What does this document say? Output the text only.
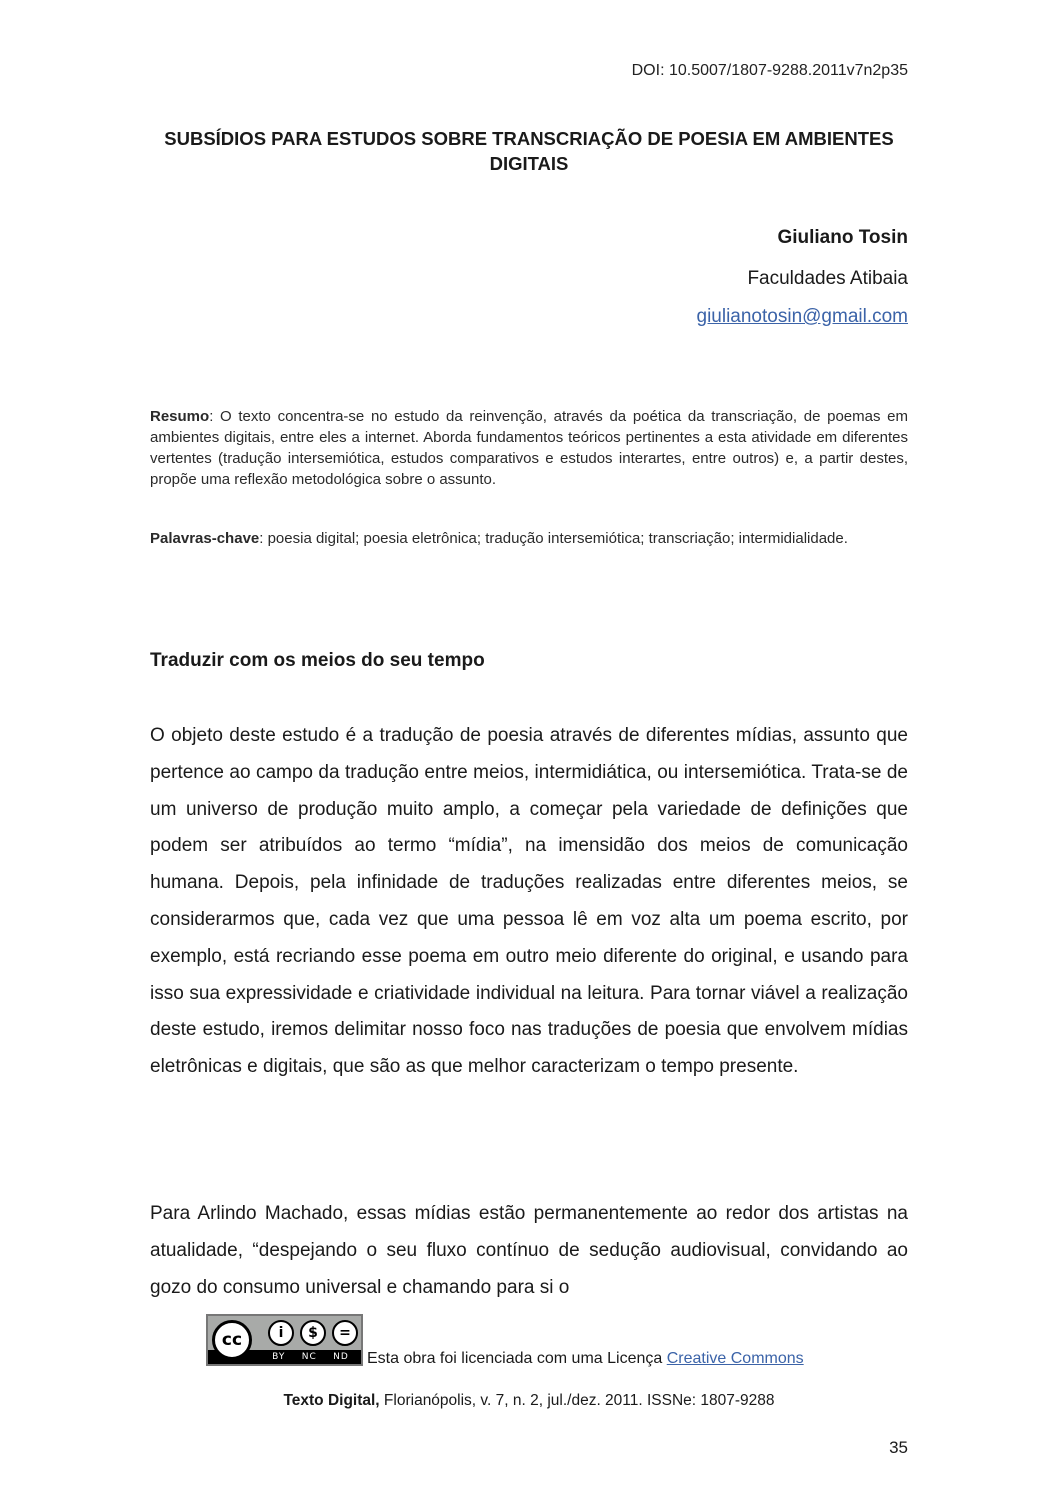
DOI: 10.5007/1807-9288.2011v7n2p35
SUBSÍDIOS PARA ESTUDOS SOBRE TRANSCRIAÇÃO DE POESIA EM AMBIENTES DIGITAIS
Giuliano Tosin
Faculdades Atibaia
giulianotosin@gmail.com
Resumo: O texto concentra-se no estudo da reinvenção, através da poética da transcriação, de poemas em ambientes digitais, entre eles a internet. Aborda fundamentos teóricos pertinentes a esta atividade em diferentes vertentes (tradução intersemiótica, estudos comparativos e estudos interartes, entre outros) e, a partir destes, propõe uma reflexão metodológica sobre o assunto.
Palavras-chave: poesia digital; poesia eletrônica; tradução intersemiótica; transcriação; intermidialidade.
Traduzir com os meios do seu tempo
O objeto deste estudo é a tradução de poesia através de diferentes mídias, assunto que pertence ao campo da tradução entre meios, intermidiática, ou intersemiótica. Trata-se de um universo de produção muito amplo, a começar pela variedade de definições que podem ser atribuídos ao termo “mídia”, na imensidão dos meios de comunicação humana. Depois, pela infinidade de traduções realizadas entre diferentes meios, se considerarmos que, cada vez que uma pessoa lê em voz alta um poema escrito, por exemplo, está recriando esse poema em outro meio diferente do original, e usando para isso sua expressividade e criatividade individual na leitura. Para tornar viável a realização deste estudo, iremos delimitar nosso foco nas traduções de poesia que envolvem mídias eletrônicas e digitais, que são as que melhor caracterizam o tempo presente.
Para Arlindo Machado, essas mídias estão permanentemente ao redor dos artistas na atualidade, “despejando o seu fluxo contínuo de sedução audiovisual, convidando ao gozo do consumo universal e chamando para si o
cc	i	$	=
BY NC ND Esta obra foi licenciada com uma Licença Creative Commons
Texto Digital, Florianópolis, v. 7, n. 2, jul./dez. 2011. ISSNe: 1807-9288
35
